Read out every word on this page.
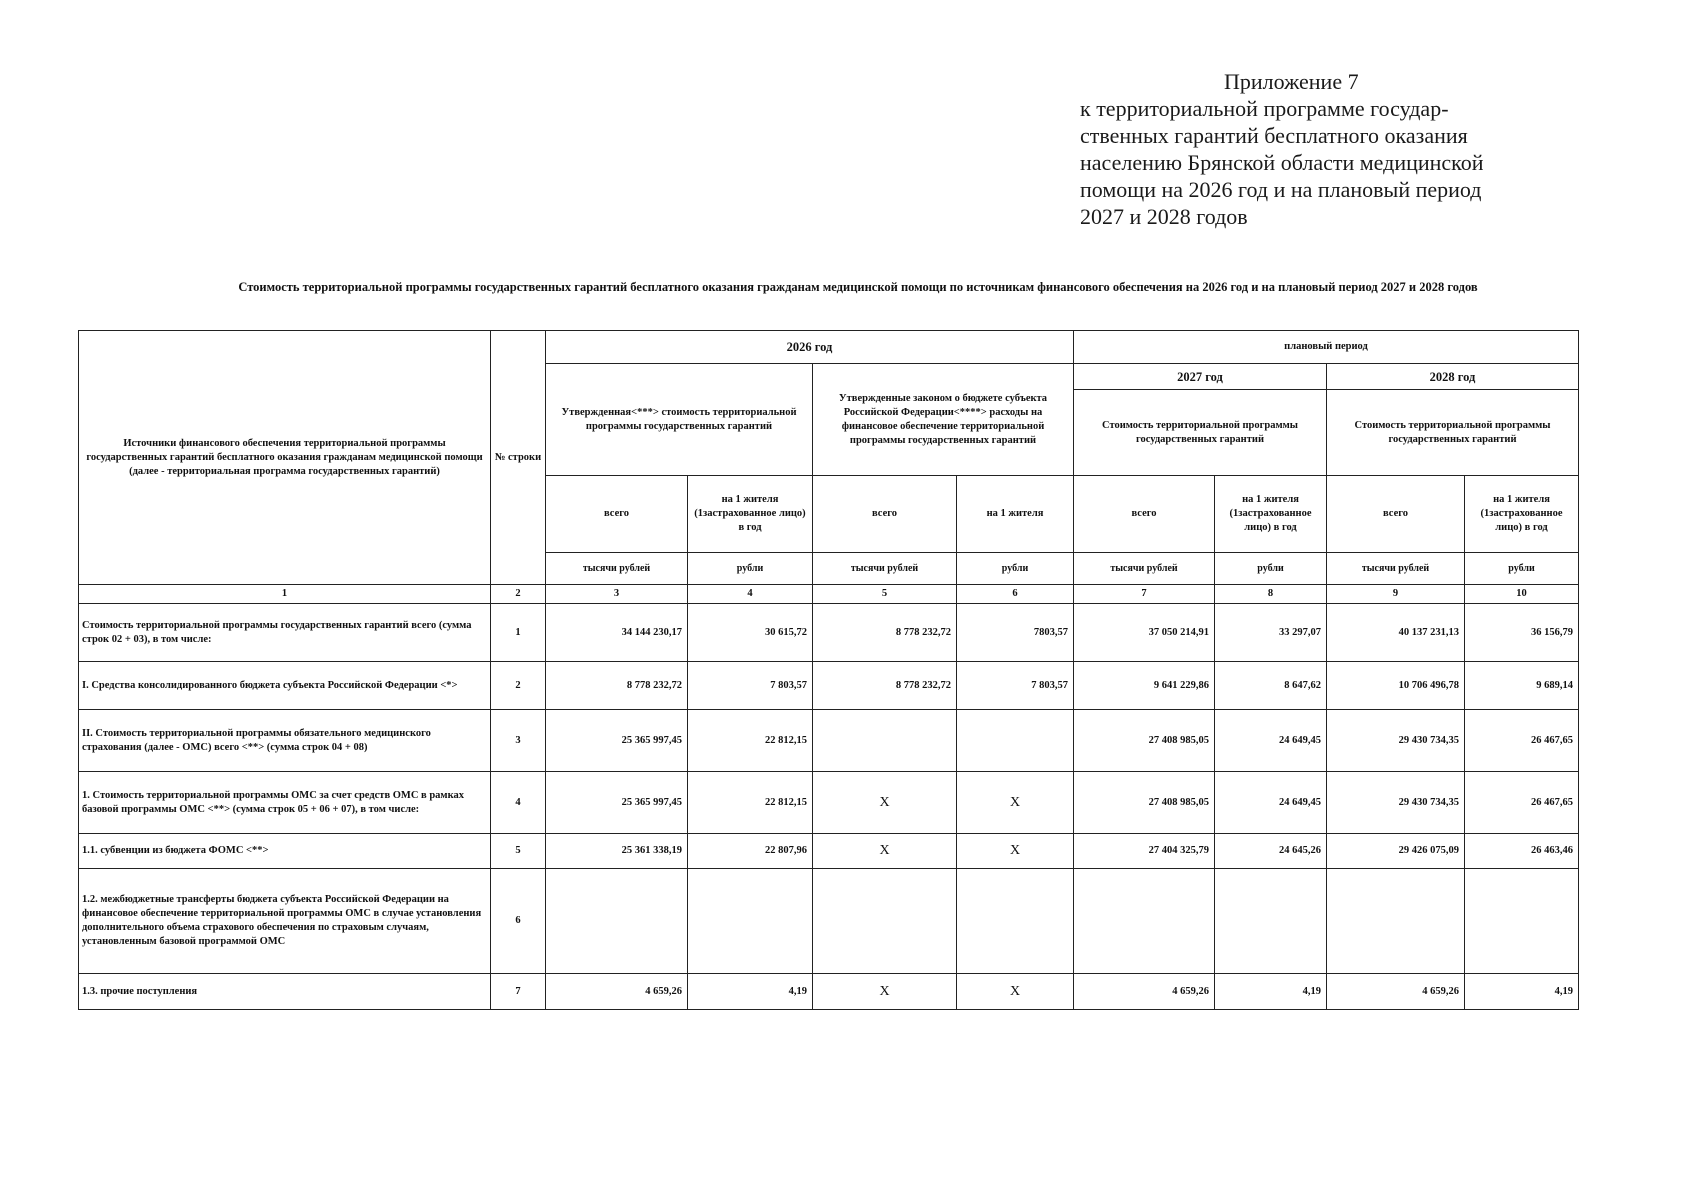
Приложение 7
к территориальной программе государ-
ственных гарантий бесплатного оказания
населению Брянской области медицинской
помощи на 2026 год и на плановый период
2027 и 2028 годов
Стоимость территориальной программы государственных гарантий бесплатного оказания гражданам медицинской помощи по источникам финансового обеспечения на 2026 год и на плановый период 2027 и 2028 годов
Источники финансового обеспечения территориальной программы государственных гарантий бесплатного оказания гражданам медицинской помощи (далее - территориальная программа государственных гарантий)	№ строки	2026 год				плановый период			
		Утвержденная<***> стоимость территориальной программы государственных гарантий		Утвержденные законом о бюджете субъекта Российской Федерации<****> расходы на финансовое обеспечение территориальной программы государственных гарантий		2027 год		2028 год	
						Стоимость территориальной программы государственных гарантий		Стоимость территориальной программы государственных гарантий	
		всего	на 1 жителя (1застрахованное лицо) в год	всего	на 1 жителя	всего	на 1 жителя (1застрахованное лицо) в год	всего	на 1 жителя (1застрахованное лицо) в год
		тысячи рублей	рубли	тысячи рублей	рубли	тысячи рублей	рубли	тысячи рублей	рубли
1	2	3	4	5	6	7	8	9	10
Стоимость территориальной программы государственных гарантий всего (сумма строк 02 + 03), в том числе:	1	34 144 230,17	30 615,72	8 778 232,72	7803,57	37 050 214,91	33 297,07	40 137 231,13	36 156,79
I. Средства консолидированного бюджета субъекта Российской Федерации <*>	2	8 778 232,72	7 803,57	8 778 232,72	7 803,57	9 641 229,86	8 647,62	10 706 496,78	9 689,14
II. Стоимость территориальной программы обязательного медицинского страхования (далее - ОМС) всего <**> (сумма строк 04 + 08)	3	25 365 997,45	22 812,15			27 408 985,05	24 649,45	29 430 734,35	26 467,65
1. Стоимость территориальной программы ОМС за счет средств ОМС в рамках базовой программы ОМС <**> (сумма строк 05 + 06 + 07), в том числе:	4	25 365 997,45	22 812,15	X	X	27 408 985,05	24 649,45	29 430 734,35	26 467,65
1.1. субвенции из бюджета ФОМС <**>	5	25 361 338,19	22 807,96	X	X	27 404 325,79	24 645,26	29 426 075,09	26 463,46
1.2. межбюджетные трансферты бюджета субъекта Российской Федерации на финансовое обеспечение территориальной программы ОМС в случае установления дополнительного объема страхового обеспечения по страховым случаям, установленным базовой программой ОМС	6								
1.3. прочие поступления	7	4 659,26	4,19	X	X	4 659,26	4,19	4 659,26	4,19
